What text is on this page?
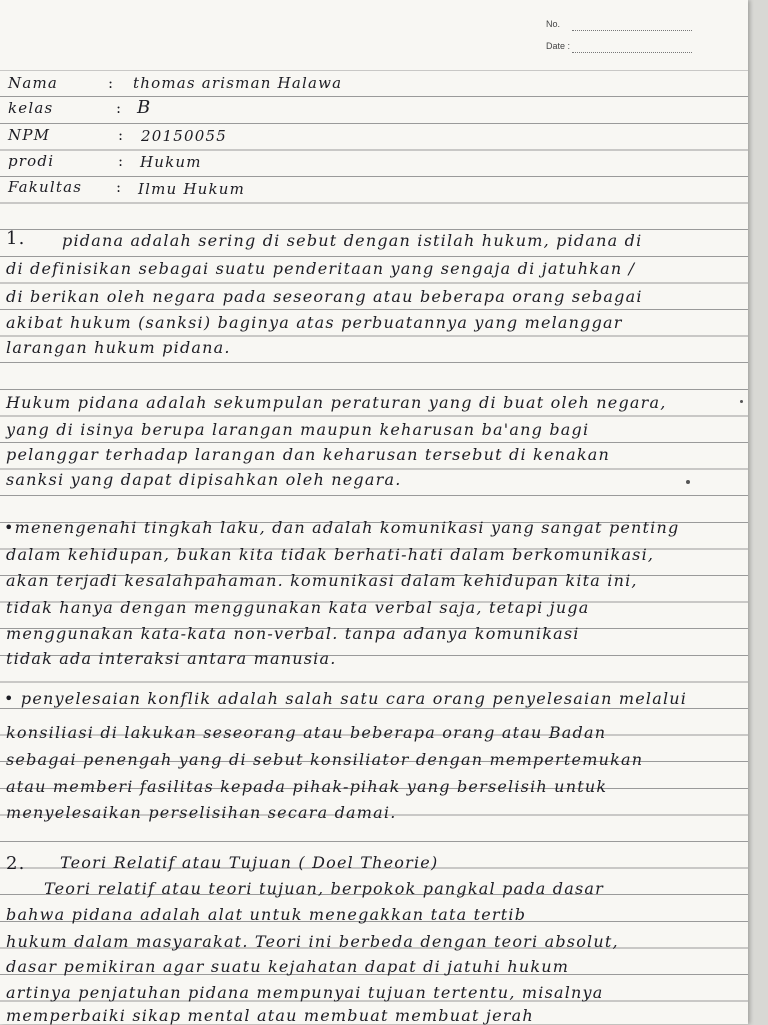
No.
Date :
Nama	: thomas arisman Halawa
kelas	: B
NPM	: 20150055
prodi	: Hukum
Fakultas : Ilmu Hukum
1. pidana adalah sering di sebut dengan istilah hukum, pidana di
di definisikan sebagai suatu penderitaan yang sengaja di jatuhkan /
di berikan oleh negara pada seseorang atau beberapa orang sebagai
akibat hukum (sanksi) baginya atas perbuatannya yang melanggar
larangan hukum pidana.
Hukum pidana adalah sekumpulan peraturan yang di buat oleh negara,
yang di isinya berupa larangan maupun keharusan ba'ang bagi
pelanggar terhadap larangan dan keharusan tersebut di kenakan
sanksi yang dapat dipisahkan oleh negara.
•menengenahi tingkah laku, dan adalah komunikasi yang sangat penting
dalam kehidupan, bukan kita tidak berhati-hati dalam berkomunikasi,
akan terjadi kesalahpahaman. komunikasi dalam kehidupan kita ini,
tidak hanya dengan menggunakan kata verbal saja, tetapi juga
menggunakan kata-kata non-verbal. tanpa adanya komunikasi
tidak ada interaksi antara manusia.
• penyelesaian konflik adalah salah satu cara orang penyelesaian melalui
konsiliasi di lakukan seseorang atau beberapa orang atau Badan
sebagai penengah yang di sebut konsiliator dengan mempertemukan
atau memberi fasilitas kepada pihak-pihak yang berselisih untuk
menyelesaikan perselisihan secara damai.
2. Teori Relatif atau Tujuan ( Doel Theorie)
Teori relatif atau teori tujuan, berpokok pangkal pada dasar
bahwa pidana adalah alat untuk menegakkan tata tertib
hukum dalam masyarakat. Teori ini berbeda dengan teori absolut,
dasar pemikiran agar suatu kejahatan dapat di jatuhi hukum
artinya penjatuhan pidana mempunyai tujuan tertentu, misalnya
memperbaiki sikap mental atau membuat membuat jerah
